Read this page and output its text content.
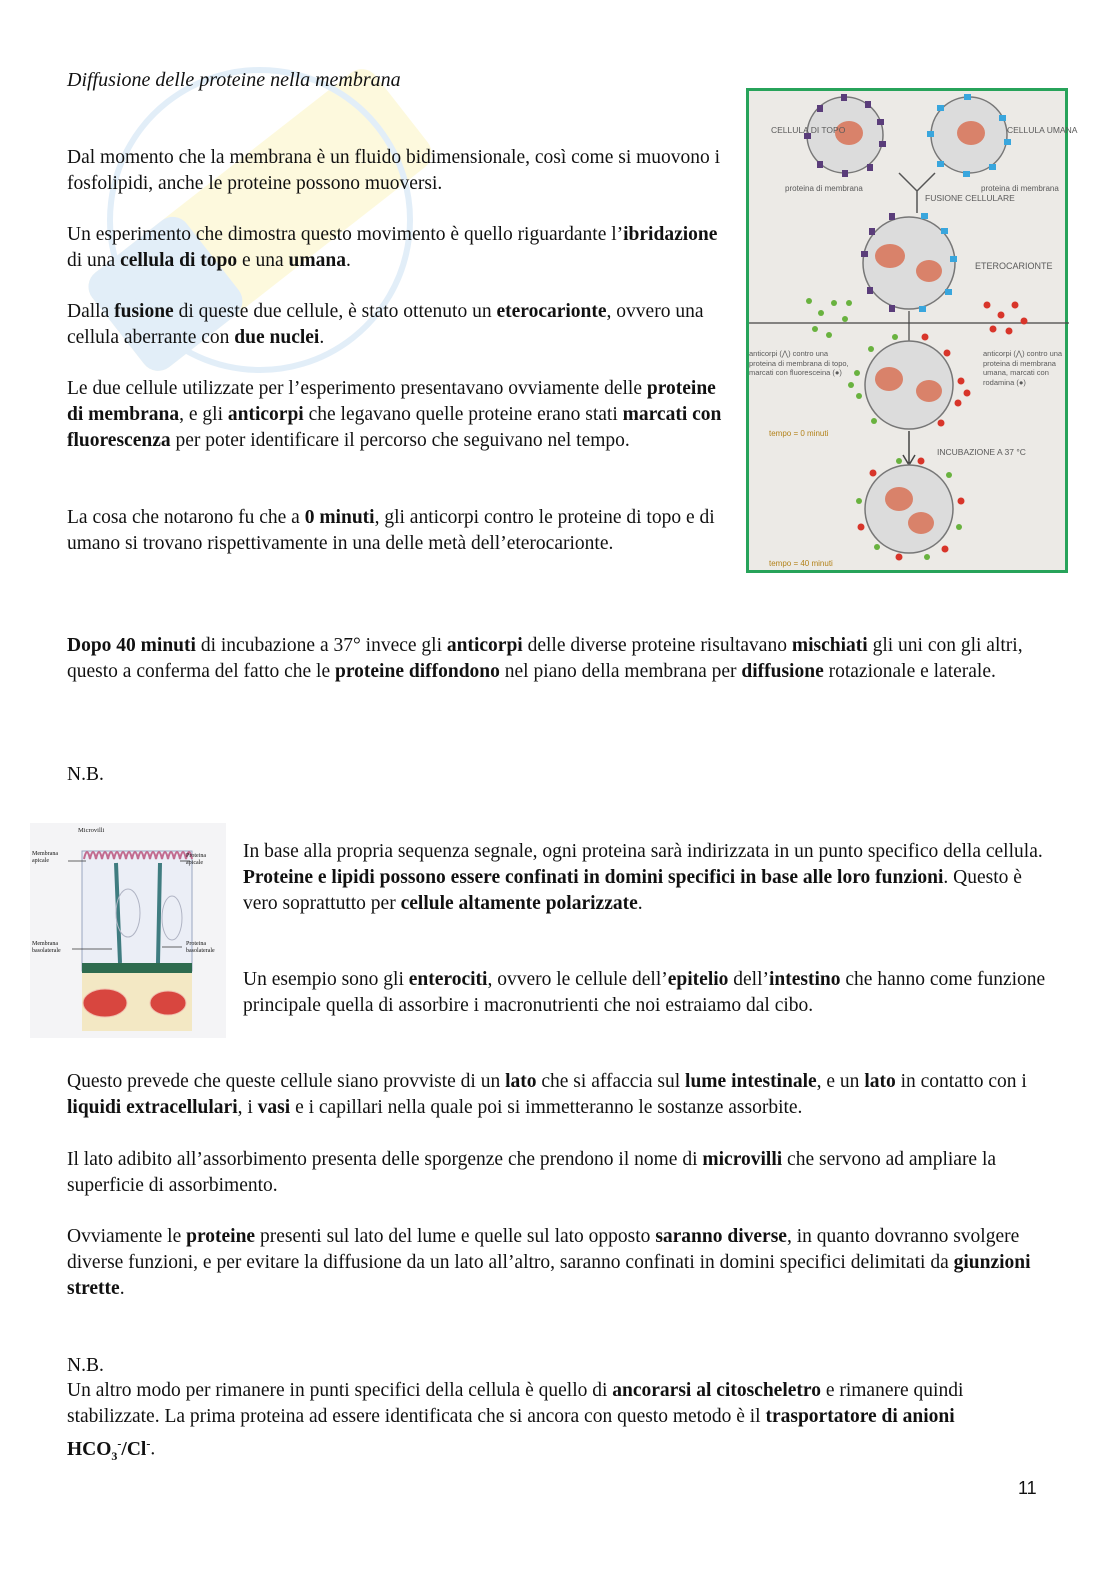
Diffusione delle proteine nella membrana

Dal momento che la membrana è un fluido bidimensionale, così come si muovono i fosfolipidi, anche le proteine possono muoversi.

Un esperimento che dimostra questo movimento è quello riguardante l’ibridazione di una cellula di topo e una umana.

Dalla fusione di queste due cellule, è stato ottenuto un eterocarionte, ovvero una cellula aberrante con due nuclei.

Le due cellule utilizzate per l’esperimento presentavano ovviamente delle proteine di membrana, e gli anticorpi che legavano quelle proteine erano stati marcati con fluorescenza per poter identificare il percorso che seguivano nel tempo.

La cosa che notarono fu che a 0 minuti, gli anticorpi contro le proteine di topo e di umano si trovano rispettivamente in una delle metà dell’eterocarionte.

CELLULA DI TOPO	CELLULA UMANA
proteina di membrana	proteina di membrana
FUSIONE CELLULARE
ETEROCARIONTE
anticorpi (⋀) contro una proteina di membrana di topo, marcati con fluoresceina (●)
anticorpi (⋀) contro una proteina di membrana umana, marcati con rodamina (●)
tempo = 0 minuti
INCUBAZIONE A 37 °C
tempo = 40 minuti

Dopo 40 minuti di incubazione a 37° invece gli anticorpi delle diverse proteine risultavano mischiati gli uni con gli altri, questo a conferma del fatto che le proteine diffondono nel piano della membrana per diffusione rotazionale e laterale.

N.B.
Microvilli
Membrana apicale
Proteina apicale
Membrana basolaterale
Proteina basolaterale

In base alla propria sequenza segnale, ogni proteina sarà indirizzata in un punto specifico della cellula.
Proteine e lipidi possono essere confinati in domini specifici in base alle loro funzioni. Questo è vero soprattutto per cellule altamente polarizzate.

Un esempio sono gli enterociti, ovvero le cellule dell’epitelio dell’intestino che hanno come funzione principale quella di assorbire i macronutrienti che noi estraiamo dal cibo.

Questo prevede che queste cellule siano provviste di un lato che si affaccia sul lume intestinale, e un lato in contatto con i liquidi extracellulari, i vasi e i capillari nella quale poi si immetteranno le sostanze assorbite.

Il lato adibito all’assorbimento presenta delle sporgenze che prendono il nome di microvilli che servono ad ampliare la superficie di assorbimento.

Ovviamente le proteine presenti sul lato del lume e quelle sul lato opposto saranno diverse, in quanto dovranno svolgere diverse funzioni, e per evitare la diffusione da un lato all’altro, saranno confinati in domini specifici delimitati da giunzioni strette.

N.B.

Un altro modo per rimanere in punti specifici della cellula è quello di ancorarsi al citoscheletro e rimanere quindi stabilizzate. La prima proteina ad essere identificata che si ancora con questo metodo è il trasportatore di anioni $HCO_3^-/Cl^-$.

11
